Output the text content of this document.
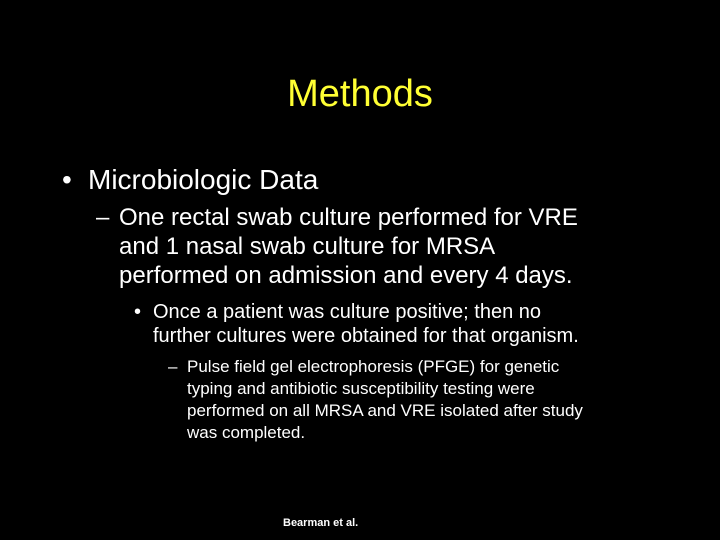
Methods
• Microbiologic Data
– One rectal swab culture performed for VRE
and 1 nasal swab culture for MRSA
performed on admission and every 4 days.
• Once a patient was culture positive; then no
further cultures were obtained for that organism.
– Pulse field gel electrophoresis (PFGE) for genetic
typing and antibiotic susceptibility testing were
performed on all MRSA and VRE isolated after study
was completed.
Bearman et al.
